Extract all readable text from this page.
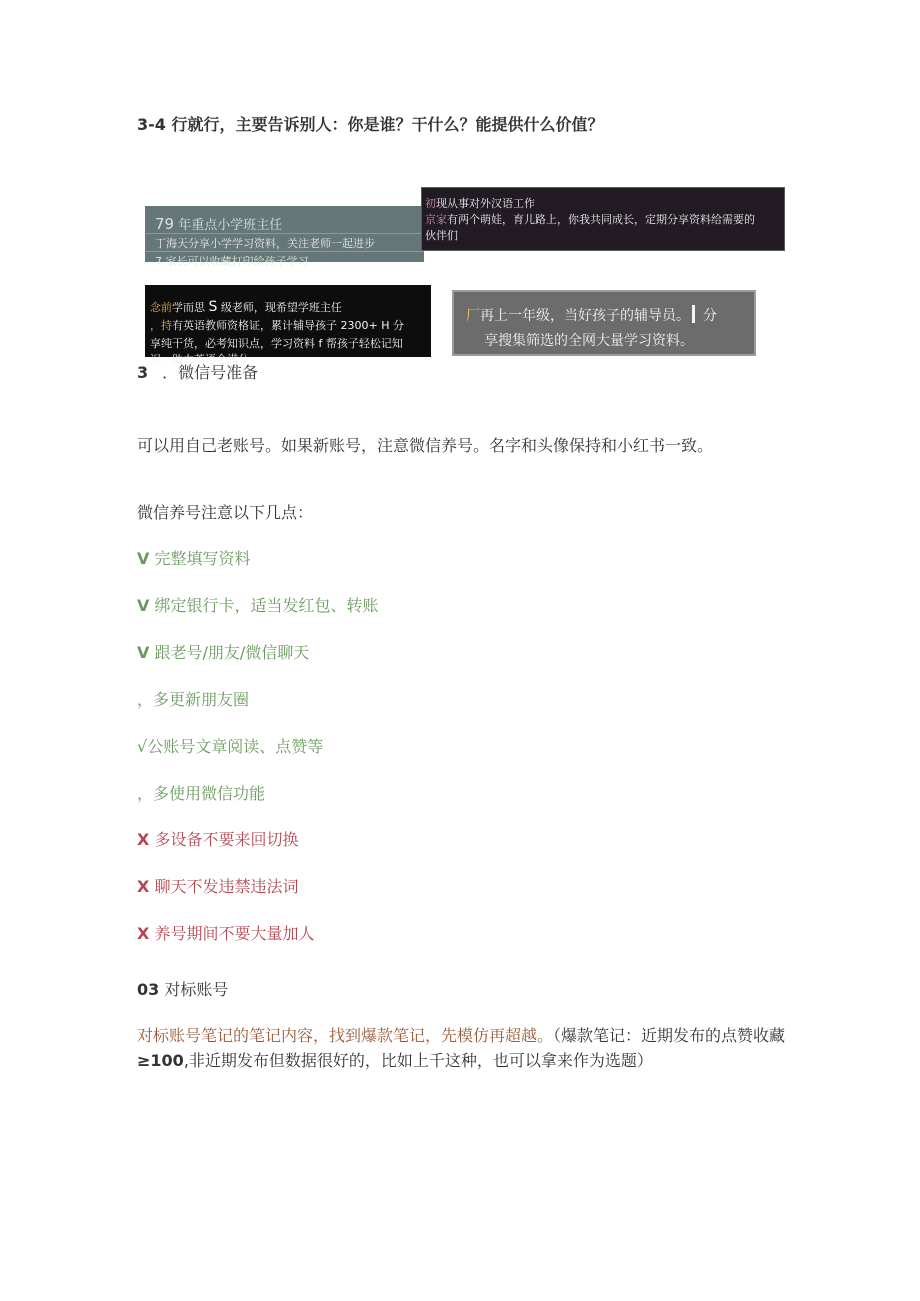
3-4 行就行，主要告诉别人：你是谁？干什么？能提供什么价值？
79 年重点小学班主任
丁海天分享小学学习资料，关注老师一起进步
7 家长可以收藏打印给孩子学习
初现从事对外汉语工作
京家有两个萌娃，育儿路上，你我共同成长，定期分享资料给需要的
伙伴们
念前学而思 S 级老师，现希望学班主任
，持有英语教师资格证，累计辅导孩子 2300+ H 分
享纯干货，必考知识点，学习资料 f 帮孩子轻松记知
识，助力英语全满分
厂再上一年级，当好孩子的辅导员。 分
享搜集筛选的全网大量学习资料。
3 ．微信号准备
可以用自己老账号。如果新账号，注意微信养号。名字和头像保持和小红书一致。
微信养号注意以下几点：
V 完整填写资料
V 绑定银行卡，适当发红包、转账
V 跟老号/朋友/微信聊天
，多更新朋友圈
√公账号文章阅读、点赞等
，多使用微信功能
X 多设备不要来回切换
X 聊天不发违禁违法词
X 养号期间不要大量加人
03 对标账号
对标账号笔记的笔记内容，找到爆款笔记，先模仿再超越。（爆款笔记：近期发布的点赞收藏
≥100,非近期发布但数据很好的，比如上千这种，也可以拿来作为选题）
